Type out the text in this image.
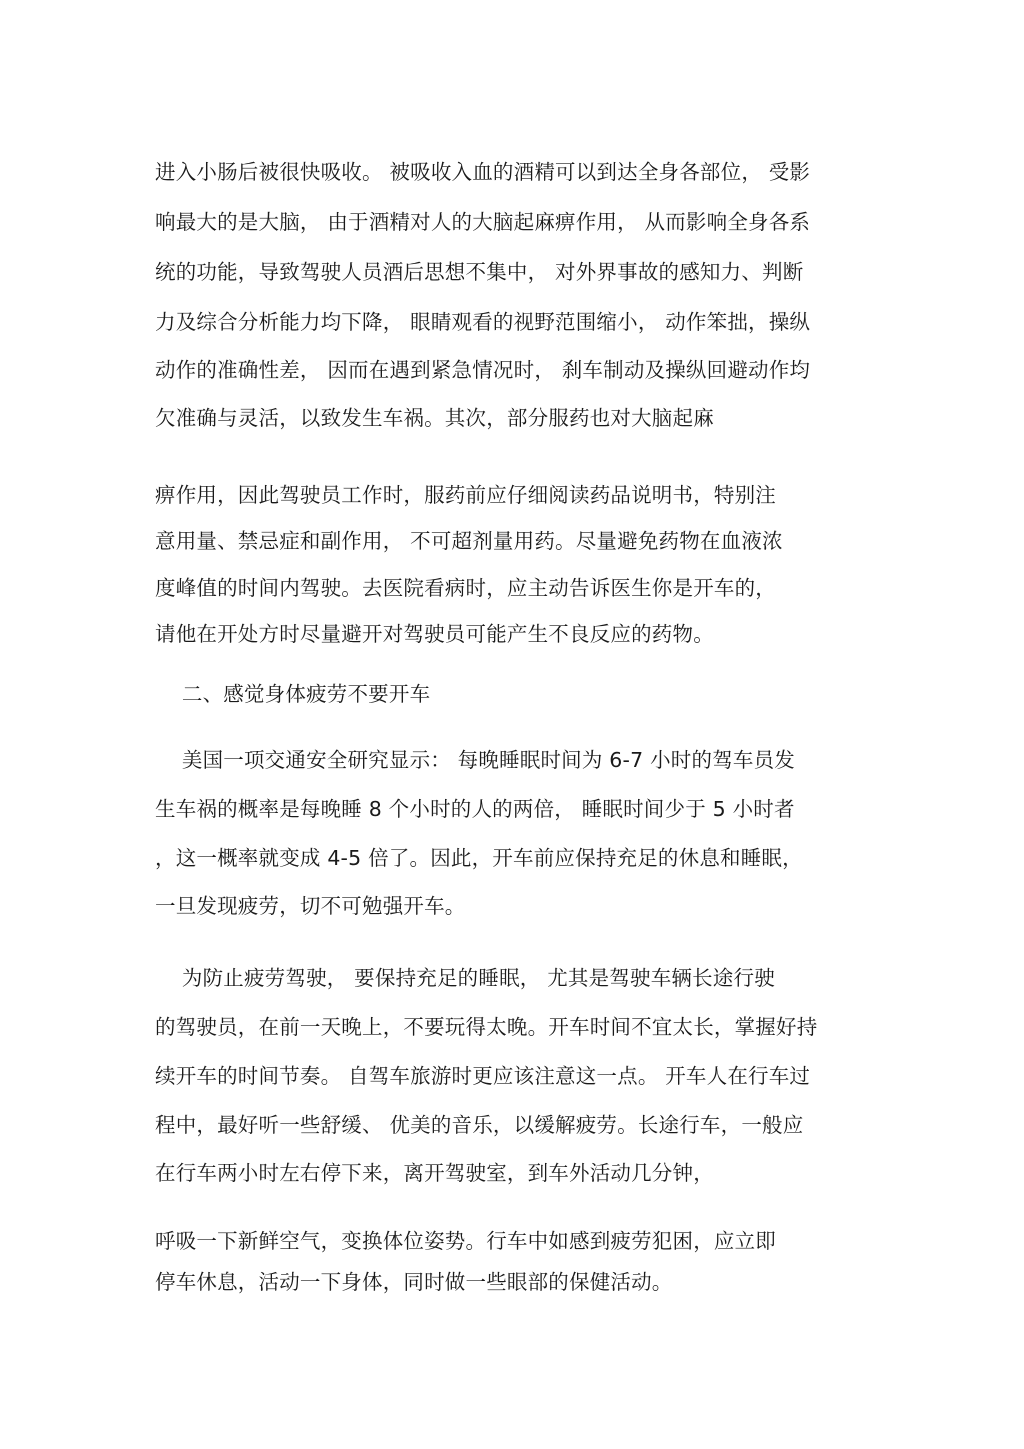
进入小肠后被很快吸收。 被吸收入血的酒精可以到达全身各部位， 受影
响最大的是大脑， 由于酒精对人的大脑起麻痹作用， 从而影响全身各系
统的功能，导致驾驶人员酒后思想不集中， 对外界事故的感知力、判断
力及综合分析能力均下降， 眼睛观看的视野范围缩小， 动作笨拙，操纵
动作的准确性差， 因而在遇到紧急情况时， 刹车制动及操纵回避动作均
欠准确与灵活，以致发生车祸。其次，部分服药也对大脑起麻
痹作用，因此驾驶员工作时，服药前应仔细阅读药品说明书，特别注
意用量、禁忌症和副作用， 不可超剂量用药。尽量避免药物在血液浓
度峰值的时间内驾驶。去医院看病时，应主动告诉医生你是开车的，
请他在开处方时尽量避开对驾驶员可能产生不良反应的药物。
二、感觉身体疲劳不要开车
美国一项交通安全研究显示： 每晚睡眠时间为 6-7 小时的驾车员发
生车祸的概率是每晚睡 8 个小时的人的两倍， 睡眠时间少于 5 小时者
，这一概率就变成 4-5 倍了。因此，开车前应保持充足的休息和睡眠，
一旦发现疲劳，切不可勉强开车。
为防止疲劳驾驶， 要保持充足的睡眠， 尤其是驾驶车辆长途行驶
的驾驶员，在前一天晚上，不要玩得太晚。开车时间不宜太长，掌握好持
续开车的时间节奏。 自驾车旅游时更应该注意这一点。 开车人在行车过
程中，最好听一些舒缓、 优美的音乐，以缓解疲劳。长途行车，一般应
在行车两小时左右停下来，离开驾驶室，到车外活动几分钟，
呼吸一下新鲜空气，变换体位姿势。行车中如感到疲劳犯困，应立即
停车休息，活动一下身体，同时做一些眼部的保健活动。
